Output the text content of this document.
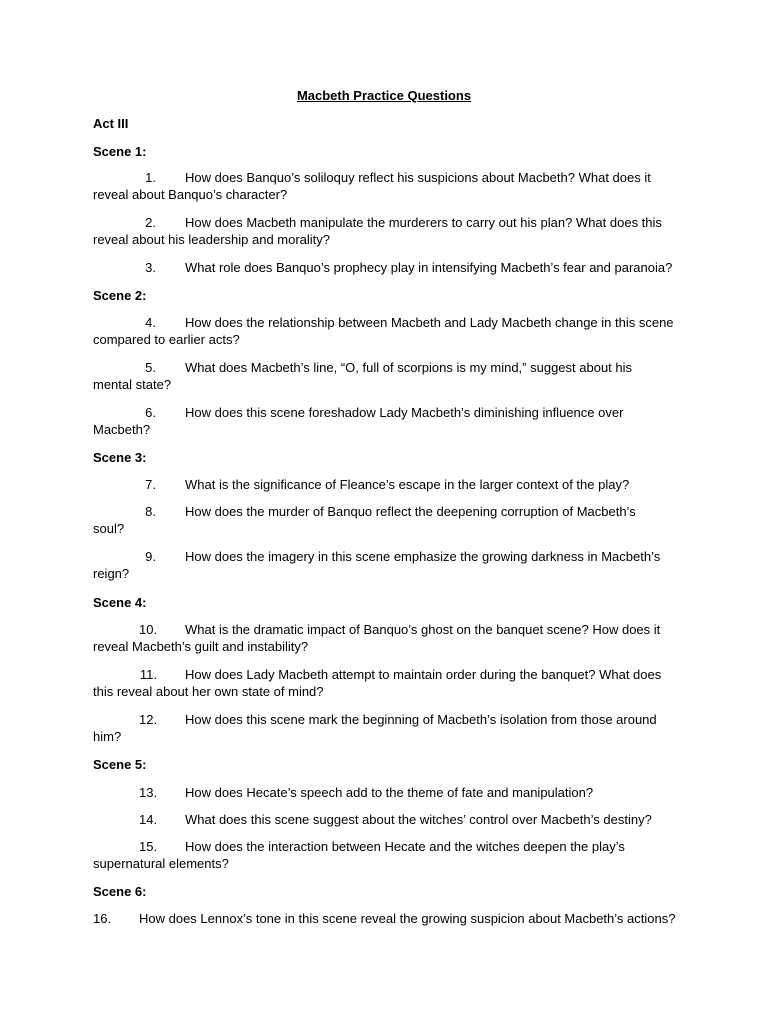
Macbeth Practice Questions
Act III
Scene 1:
1. How does Banquo’s soliloquy reflect his suspicions about Macbeth? What does it
reveal about Banquo’s character?
2. How does Macbeth manipulate the murderers to carry out his plan? What does this
reveal about his leadership and morality?
3. What role does Banquo’s prophecy play in intensifying Macbeth’s fear and paranoia?
Scene 2:
4. How does the relationship between Macbeth and Lady Macbeth change in this scene
compared to earlier acts?
5. What does Macbeth’s line, “O, full of scorpions is my mind,” suggest about his
mental state?
6. How does this scene foreshadow Lady Macbeth’s diminishing influence over
Macbeth?
Scene 3:
7. What is the significance of Fleance’s escape in the larger context of the play?
8. How does the murder of Banquo reflect the deepening corruption of Macbeth’s
soul?
9. How does the imagery in this scene emphasize the growing darkness in Macbeth’s
reign?
Scene 4:
10. What is the dramatic impact of Banquo’s ghost on the banquet scene? How does it
reveal Macbeth’s guilt and instability?
11. How does Lady Macbeth attempt to maintain order during the banquet? What does
this reveal about her own state of mind?
12. How does this scene mark the beginning of Macbeth’s isolation from those around
him?
Scene 5:
13. How does Hecate’s speech add to the theme of fate and manipulation?
14. What does this scene suggest about the witches’ control over Macbeth’s destiny?
15. How does the interaction between Hecate and the witches deepen the play’s
supernatural elements?
Scene 6:
16. How does Lennox’s tone in this scene reveal the growing suspicion about Macbeth’s actions?
